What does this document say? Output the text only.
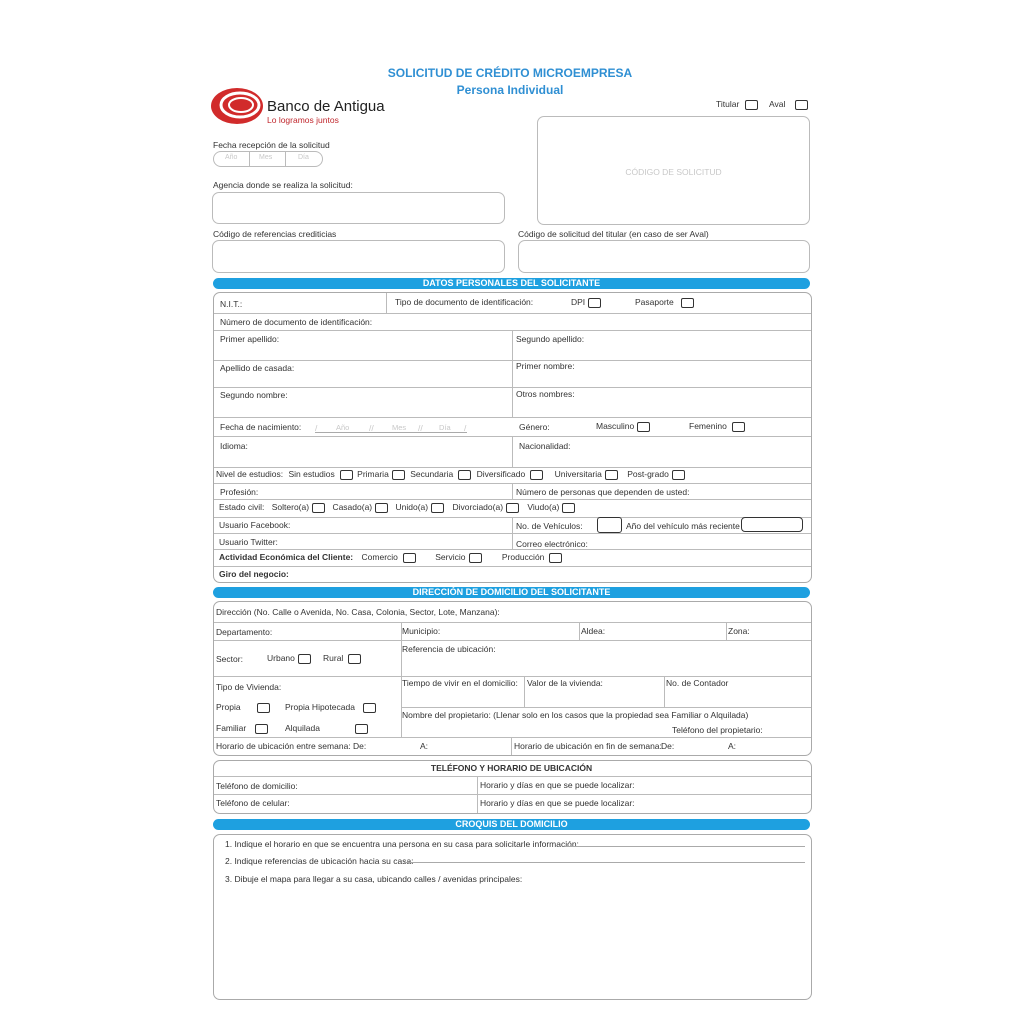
SOLICITUD DE CRÉDITO MICROEMPRESA
Persona Individual
Banco de Antigua
Lo logramos juntos
Titular	Aval
Fecha recepción de la solicitud
Año	Mes	Día
Agencia donde se realiza la solicitud:
CÓDIGO DE SOLICITUD
Código de referencias crediticias	Código de solicitud del titular (en caso de ser Aval)
DATOS PERSONALES DEL SOLICITANTE
N.I.T.:	Tipo de documento de identificación:	DPI	Pasaporte
Número de documento de identificación:
Primer apellido:	Segundo apellido:
Apellido de casada:	Primer nombre:
Segundo nombre:	Otros nombres:
Fecha de nacimiento: / Año // Mes // Día /	Género:	Masculino	Femenino
Idioma:	Nacionalidad:
Nivel de estudios: Sin estudios	Primaria	Secundaria	Diversificado	Universitaria	Post-grado
Profesión:	Número de personas que dependen de usted:
Estado civil: Soltero(a)	Casado(a)	Unido(a)	Divorciado(a)	Viudo(a)
Usuario Facebook:	No. de Vehículos:	Año del vehículo más reciente
Usuario Twitter:	Correo electrónico:
Actividad Económica del Cliente: Comercio	Servicio	Producción
Giro del negocio:
DIRECCIÓN DE DOMICILIO DEL SOLICITANTE
Dirección (No. Calle o Avenida, No. Casa, Colonia, Sector, Lote, Manzana):
Departamento:	Municipio:	Aldea:	Zona:
Sector:	Urbano	Rural
Referencia de ubicación:
Tipo de Vivienda:	Tiempo de vivir en el domicilio: Valor de la vivienda:	No. de Contador
Propia	Propia Hipotecada
Familiar	Alquilada
Nombre del propietario: (Llenar solo en los casos que la propiedad sea Familiar o Alquilada)
Teléfono del propietario:
Horario de ubicación entre semana: De:	A:	Horario de ubicación en fin de semana: De:	A:
TELÉFONO Y HORARIO DE UBICACIÓN
Teléfono de domicilio:	Horario y días en que se puede localizar:
Teléfono de celular:	Horario y días en que se puede localizar:
CROQUIS DEL DOMICILIO
1. Indique el horario en que se encuentra una persona en su casa para solicitarle información:
2. Indique referencias de ubicación hacia su casa:
3. Dibuje el mapa para llegar a su casa, ubicando calles / avenidas principales:
